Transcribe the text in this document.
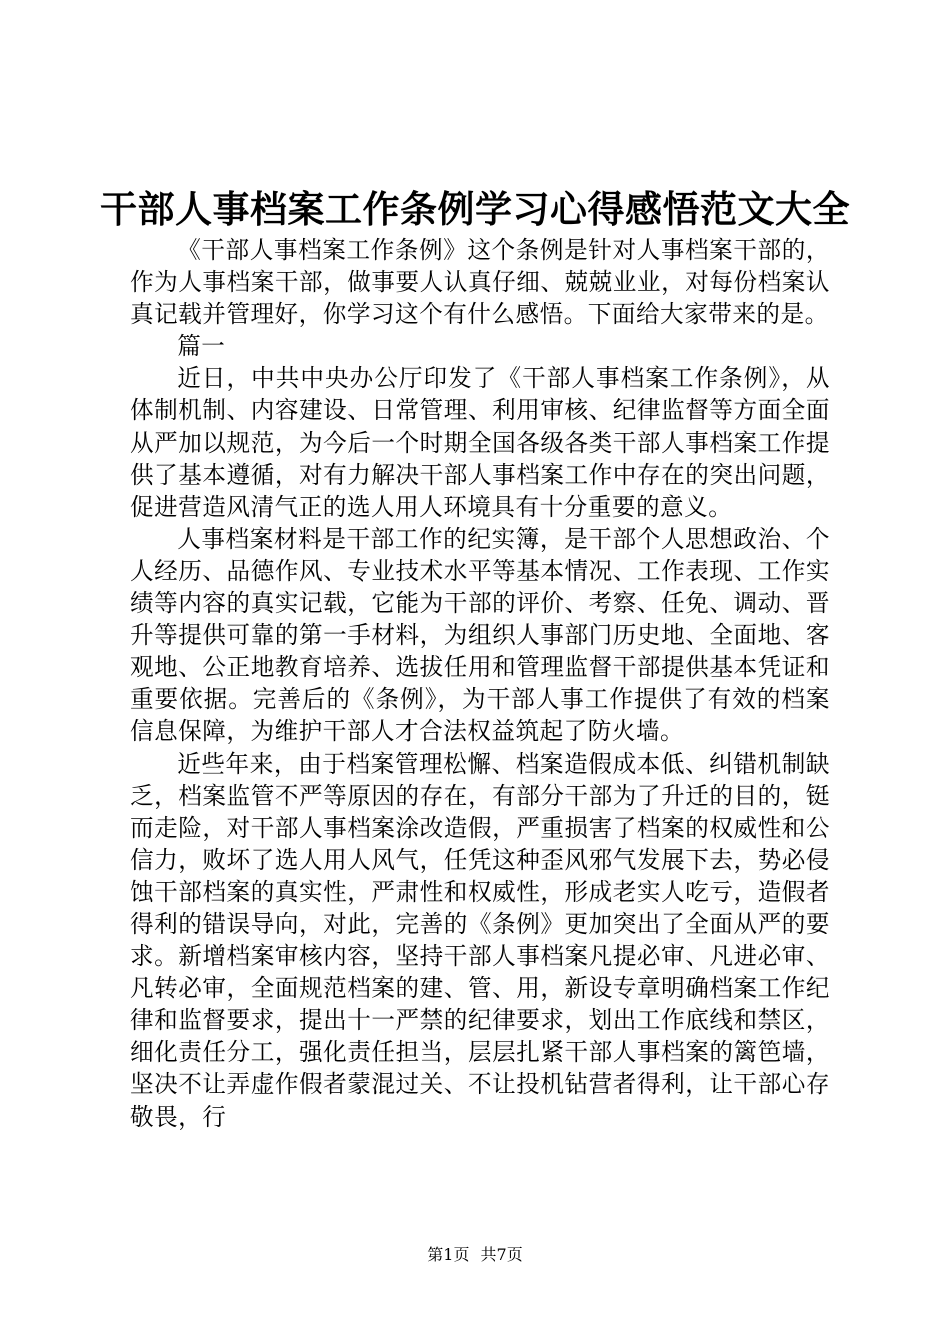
干部人事档案工作条例学习心得感悟范文大全

《干部人事档案工作条例》这个条例是针对人事档案干部的，作为人事档案干部，做事要人认真仔细、兢兢业业，对每份档案认真记载并管理好，你学习这个有什么感悟。下面给大家带来的是。

篇一

近日，中共中央办公厅印发了《干部人事档案工作条例》，从体制机制、内容建设、日常管理、利用审核、纪律监督等方面全面从严加以规范，为今后一个时期全国各级各类干部人事档案工作提供了基本遵循，对有力解决干部人事档案工作中存在的突出问题，促进营造风清气正的选人用人环境具有十分重要的意义。

人事档案材料是干部工作的纪实簿，是干部个人思想政治、个人经历、品德作风、专业技术水平等基本情况、工作表现、工作实绩等内容的真实记载，它能为干部的评价、考察、任免、调动、晋升等提供可靠的第一手材料，为组织人事部门历史地、全面地、客观地、公正地教育培养、选拔任用和管理监督干部提供基本凭证和重要依据。完善后的《条例》，为干部人事工作提供了有效的档案信息保障，为维护干部人才合法权益筑起了防火墙。

近些年来，由于档案管理松懈、档案造假成本低、纠错机制缺乏，档案监管不严等原因的存在，有部分干部为了升迁的目的，铤而走险，对干部人事档案涂改造假，严重损害了档案的权威性和公信力，败坏了选人用人风气，任凭这种歪风邪气发展下去，势必侵蚀干部档案的真实性，严肃性和权威性，形成老实人吃亏，造假者得利的错误导向，对此，完善的《条例》更加突出了全面从严的要求。新增档案审核内容，坚持干部人事档案凡提必审、凡进必审、凡转必审，全面规范档案的建、管、用，新设专章明确档案工作纪律和监督要求，提出十一严禁的纪律要求，划出工作底线和禁区，细化责任分工，强化责任担当，层层扎紧干部人事档案的篱笆墙，坚决不让弄虚作假者蒙混过关、不让投机钻营者得利，让干部心存敬畏，行

第1页 共7页
